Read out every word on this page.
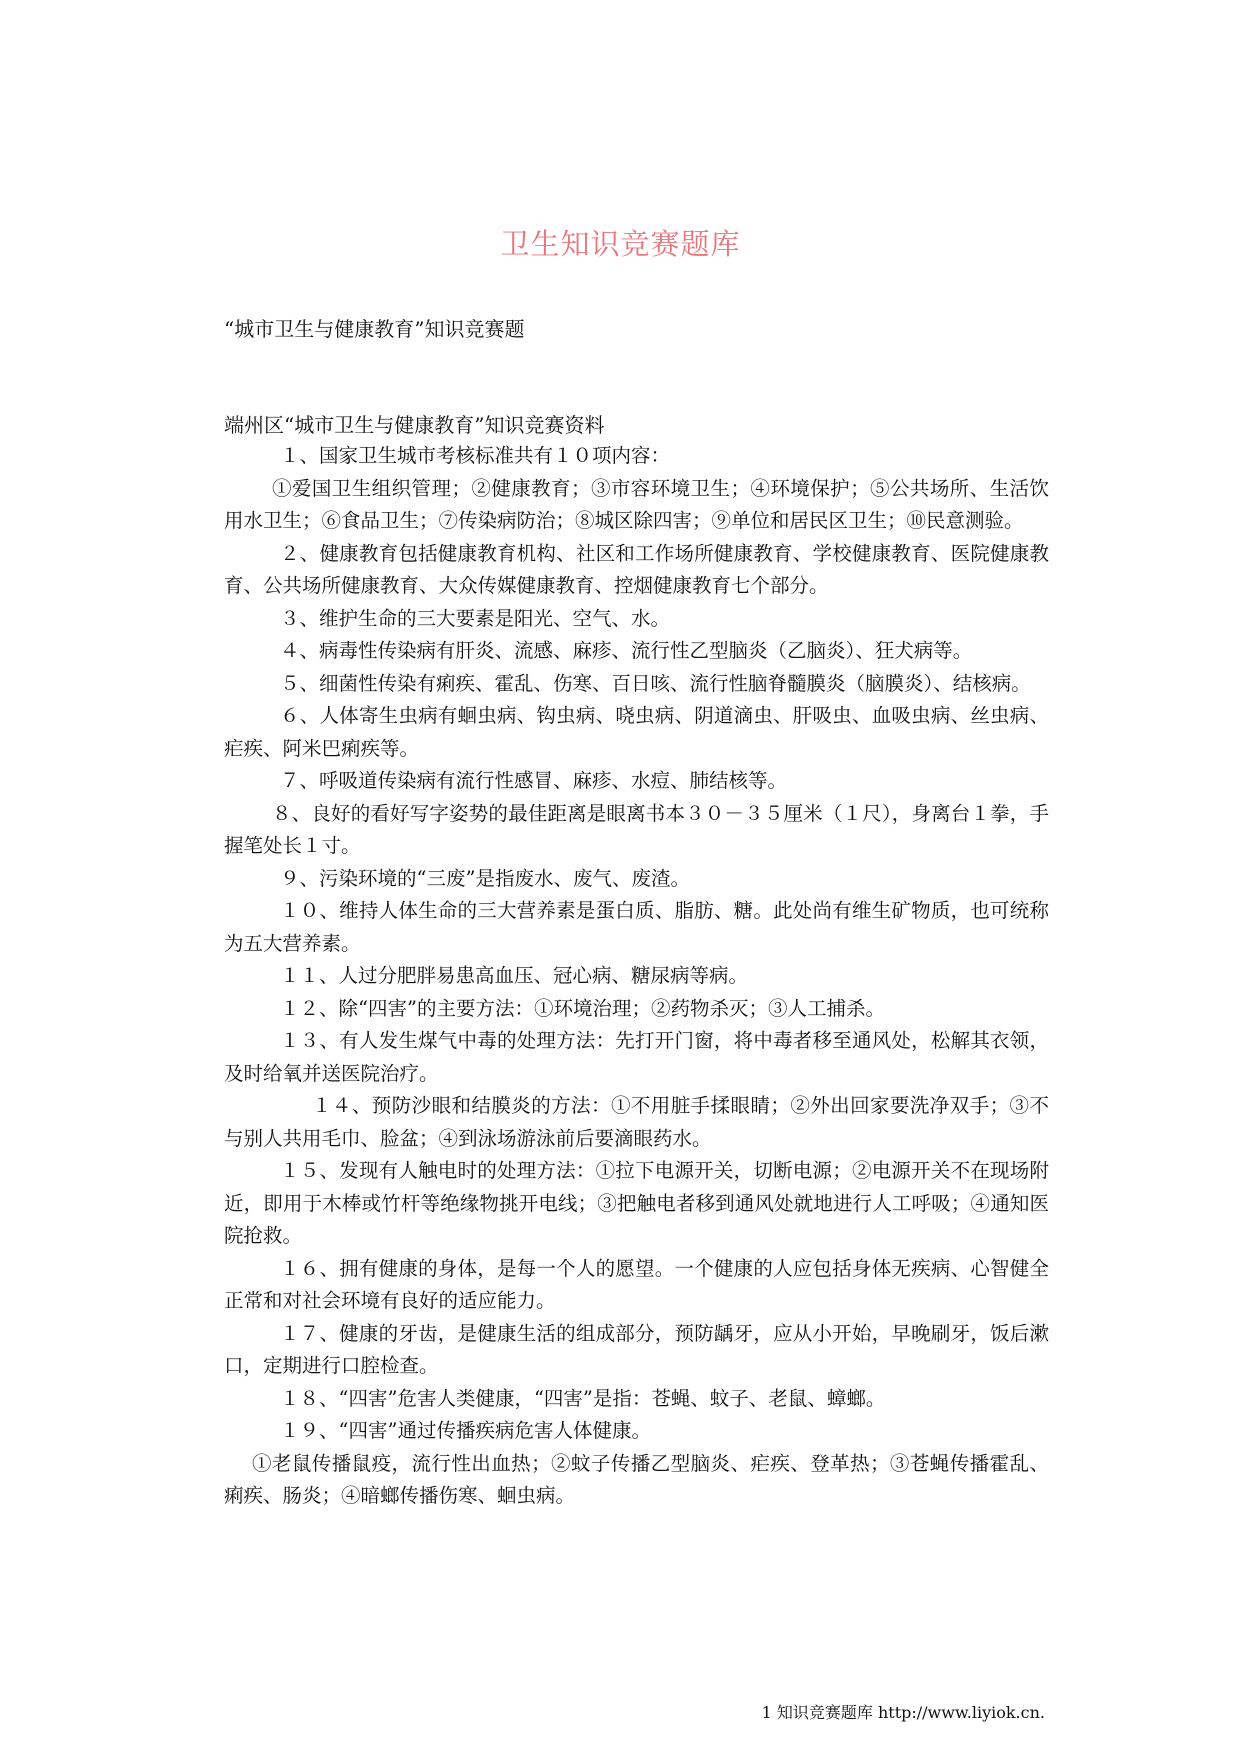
卫生知识竞赛题库
“城市卫生与健康教育”知识竞赛题
端州区“城市卫生与健康教育”知识竞赛资料

１、国家卫生城市考核标准共有１０项内容：

①爱国卫生组织管理；②健康教育；③市容环境卫生；④环境保护；⑤公共场所、生活饮用水卫生；⑥食品卫生；⑦传染病防治；⑧城区除四害；⑨单位和居民区卫生；⑩民意测验。

２、健康教育包括健康教育机构、社区和工作场所健康教育、学校健康教育、医院健康教育、公共场所健康教育、大众传媒健康教育、控烟健康教育七个部分。

３、维护生命的三大要素是阳光、空气、水。

４、病毒性传染病有肝炎、流感、麻疹、流行性乙型脑炎（乙脑炎）、狂犬病等。

５、细菌性传染有痢疾、霍乱、伤寒、百日咳、流行性脑脊髓膜炎（脑膜炎）、结核病。

６、人体寄生虫病有蛔虫病、钩虫病、哓虫病、阴道滴虫、肝吸虫、血吸虫病、丝虫病、疟疾、阿米巴痢疾等。

７、呼吸道传染病有流行性感冒、麻疹、水痘、肺结核等。

８、良好的看好写字姿势的最佳距离是眼离书本３０－３５厘米（１尺），身离台１拳，手握笔处长１寸。

９、污染环境的“三废”是指废水、废气、废渣。

１０、维持人体生命的三大营养素是蛋白质、脂肪、糖。此处尚有维生矿物质，也可统称为五大营养素。

１１、人过分肥胖易患高血压、冠心病、糖尿病等病。

１２、除“四害”的主要方法：①环境治理；②药物杀灭；③人工捕杀。

１３、有人发生煤气中毒的处理方法：先打开门窗，将中毒者移至通风处，松解其衣领，及时给氧并送医院治疗。

１４、预防沙眼和结膜炎的方法：①不用脏手揉眼睛；②外出回家要洗净双手；③不与别人共用毛巾、脸盆；④到泳场游泳前后要滴眼药水。

１５、发现有人触电时的处理方法：①拉下电源开关，切断电源；②电源开关不在现场附近，即用于木棒或竹杆等绝缘物挑开电线；③把触电者移到通风处就地进行人工呼吸；④通知医院抢救。

１６、拥有健康的身体，是每一个人的愿望。一个健康的人应包括身体无疾病、心智健全正常和对社会环境有良好的适应能力。

１７、健康的牙齿，是健康生活的组成部分，预防龋牙，应从小开始，早晚刷牙，饭后漱口，定期进行口腔检查。

１８、“四害”危害人类健康，“四害”是指：苍蝇、蚊子、老鼠、蟑螂。

１９、“四害”通过传播疾病危害人体健康。

①老鼠传播鼠疫，流行性出血热；②蚊子传播乙型脑炎、疟疾、登革热；③苍蝇传播霍乱、痢疾、肠炎；④暗螂传播伤寒、蛔虫病。

1 知识竞赛题库 http://www.liyiok.cn.
